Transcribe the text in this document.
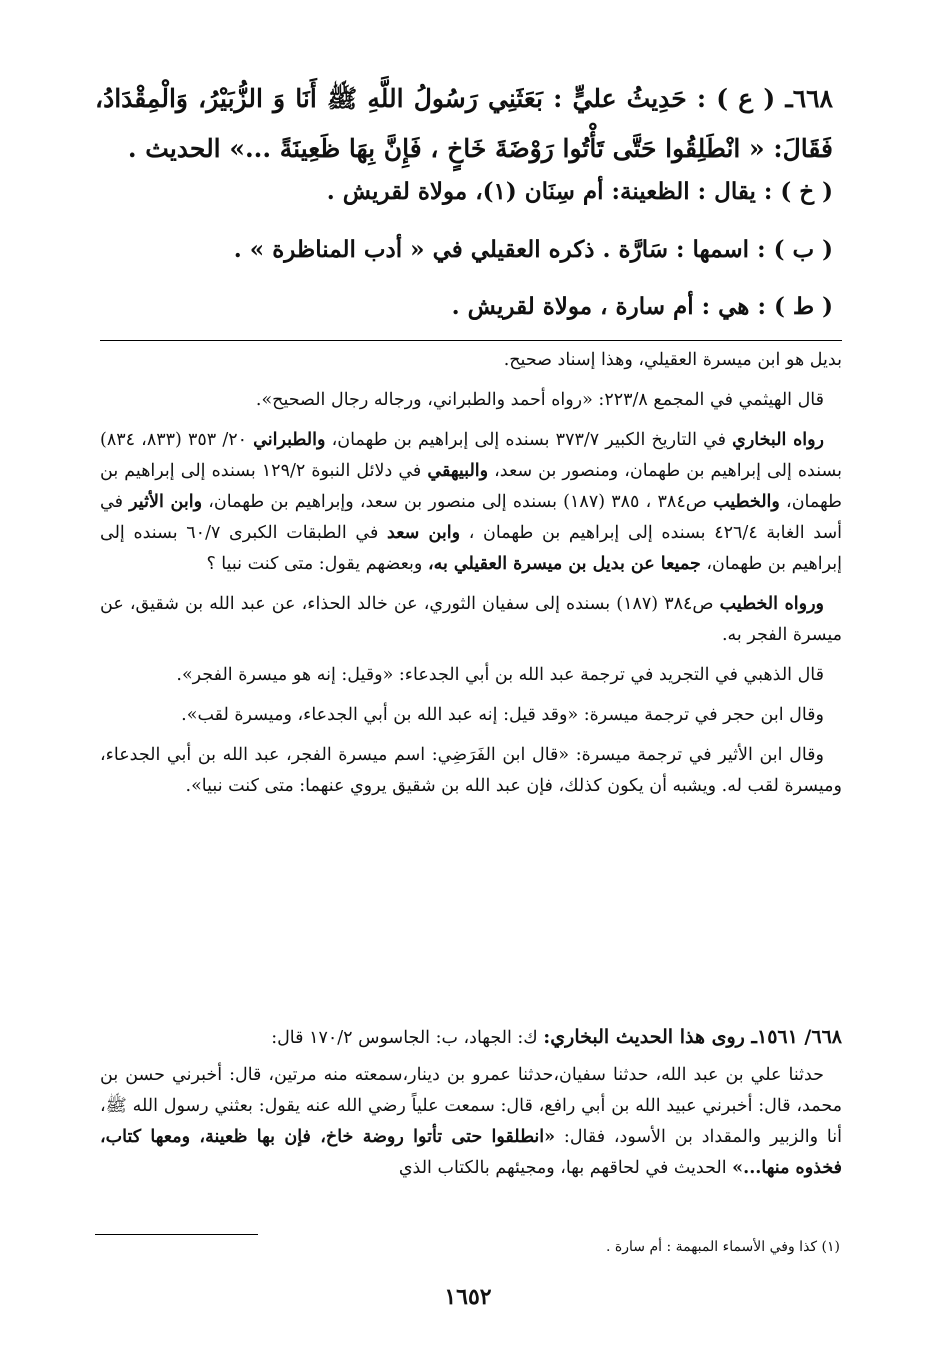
٦٦٨ـ ( ع ) : حَدِيثُ عليٍّ : بَعَثَنِي رَسُولُ اللَّهِ ﷺ أَنَا وَ الزُّبَيْرُ، وَالْمِقْدَادُ، فَقَالَ: « انْطَلِقُوا حَتَّى تَأْتُوا رَوْضَةَ خَاخٍ ، فَإِنَّ بِهَا ظَعِينَةً ...» الحديث .
( خ ) : يقال : الظعينة: أم سِنَان (١)، مولاة لقريش .
( ب ) : اسمها : سَارَّة . ذكره العقيلي في « أدب المناظرة » .
( ط ) : هي : أم سارة ، مولاة لقريش .

بديل هو ابن ميسرة العقيلي، وهذا إسناد صحيح.

قال الهيثمي في المجمع ٢٢٣/٨: «رواه أحمد والطبراني، ورجاله رجال الصحيح».

رواه البخاري في التاريخ الكبير ٣٧٣/٧ بسنده إلى إبراهيم بن طهمان، والطبراني ٢٠/ ٣٥٣ (٨٣٣، ٨٣٤) بسنده إلى إبراهيم بن طهمان، ومنصور بن سعد، والبيهقي في دلائل النبوة ١٢٩/٢ بسنده إلى إبراهيم بن طهمان، والخطيب ص٣٨٤ ، ٣٨٥ (١٨٧) بسنده إلى منصور بن سعد، وإبراهيم بن طهمان، وابن الأثير في أسد الغابة ٤٢٦/٤ بسنده إلى إبراهيم بن طهمان ، وابن سعد في الطبقات الكبرى ٦٠/٧ بسنده إلى إبراهيم بن طهمان، جميعا عن بديل بن ميسرة العقيلي به، وبعضهم يقول: متى كنت نبيا ؟

ورواه الخطيب ص٣٨٤ (١٨٧) بسنده إلى سفيان الثوري، عن خالد الحذاء، عن عبد الله بن شقيق، عن ميسرة الفجر به.

قال الذهبي في التجريد في ترجمة عبد الله بن أبي الجدعاء: «وقيل: إنه هو ميسرة الفجر».

وقال ابن حجر في ترجمة ميسرة: «وقد قيل: إنه عبد الله بن أبي الجدعاء، وميسرة لقب».

وقال ابن الأثير في ترجمة ميسرة: «قال ابن الفَرَضِي: اسم ميسرة الفجر، عبد الله بن أبي الجدعاء، وميسرة لقب له. ويشبه أن يكون كذلك، فإن عبد الله بن شقيق يروي عنهما: متى كنت نبيا».

٦٦٨/ ١٥٦١ـ روى هذا الحديث البخاري: ك: الجهاد، ب: الجاسوس ١٧٠/٢ قال:

حدثنا علي بن عبد الله، حدثنا سفيان،حدثنا عمرو بن دينار،سمعته منه مرتين، قال: أخبرني حسن بن محمد، قال: أخبرني عبيد الله بن أبي رافع، قال: سمعت علياً رضي الله عنه يقول: بعثني رسول الله ﷺ، أنا والزبير والمقداد بن الأسود، فقال: «انطلقوا حتى تأتوا روضة خاخ، فإن بها ظعينة، ومعها كتاب، فخذوه منها...» الحديث في لحاقهم بها، ومجيئهم بالكتاب الذي

(١) كذا وفي الأسماء المبهمة : أم سارة .
١٦٥٢
